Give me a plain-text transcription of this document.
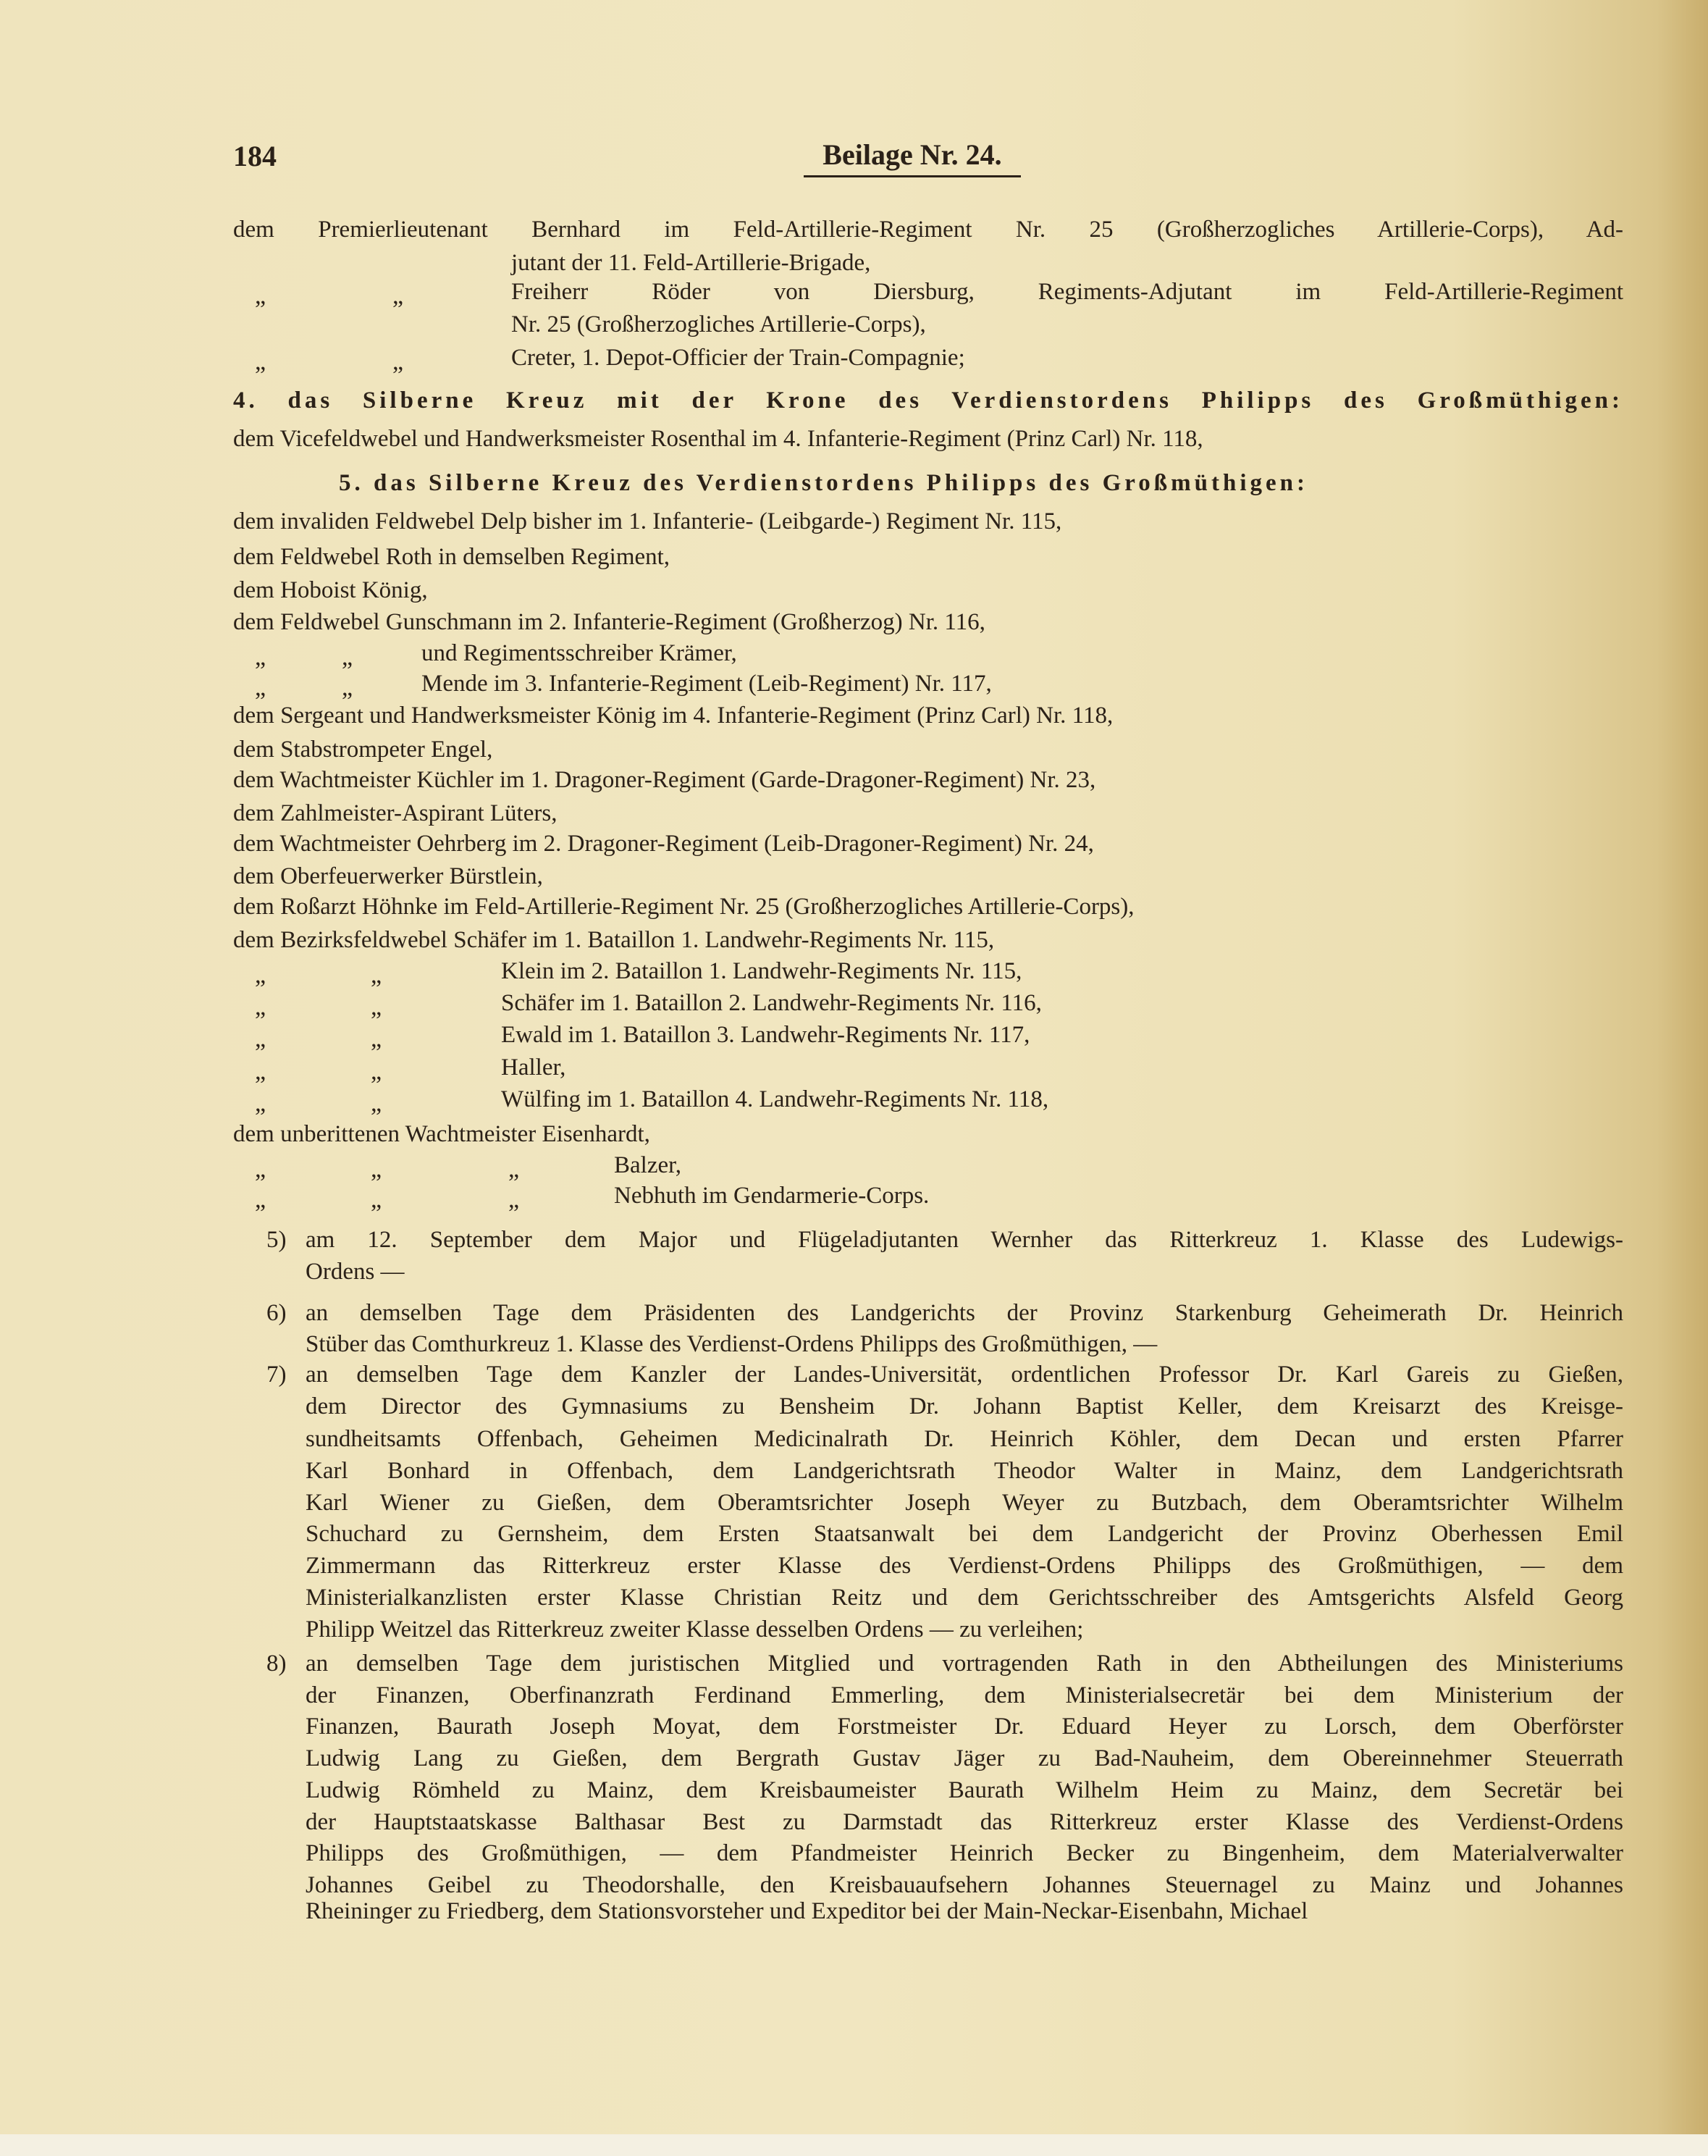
184	Beilage Nr. 24.
dem Premierlieutenant Bernhard im Feld-Artillerie-Regiment Nr. 25 (Großherzogliches Artillerie-Corps), Ad-
jutant der 11. Feld-Artillerie-Brigade,
„	„	Freiherr Röder von Diersburg, Regiments-Adjutant im Feld-Artillerie-Regiment
Nr. 25 (Großherzogliches Artillerie-Corps),
„	„	Creter, 1. Depot-Officier der Train-Compagnie;
4. das Silberne Kreuz mit der Krone des Verdienstordens Philipps des Großmüthigen:
dem Vicefeldwebel und Handwerksmeister Rosenthal im 4. Infanterie-Regiment (Prinz Carl) Nr. 118,
5. das Silberne Kreuz des Verdienstordens Philipps des Großmüthigen:
dem invaliden Feldwebel Delp bisher im 1. Infanterie- (Leibgarde-) Regiment Nr. 115,
dem Feldwebel Roth in demselben Regiment,
dem Hoboist König,
dem Feldwebel Gunschmann im 2. Infanterie-Regiment (Großherzog) Nr. 116,
„	„	und Regimentsschreiber Krämer,
„	„	Mende im 3. Infanterie-Regiment (Leib-Regiment) Nr. 117,
dem Sergeant und Handwerksmeister König im 4. Infanterie-Regiment (Prinz Carl) Nr. 118,
dem Stabstrompeter Engel,
dem Wachtmeister Küchler im 1. Dragoner-Regiment (Garde-Dragoner-Regiment) Nr. 23,
dem Zahlmeister-Aspirant Lüters,
dem Wachtmeister Oehrberg im 2. Dragoner-Regiment (Leib-Dragoner-Regiment) Nr. 24,
dem Oberfeuerwerker Bürstlein,
dem Roßarzt Höhnke im Feld-Artillerie-Regiment Nr. 25 (Großherzogliches Artillerie-Corps),
dem Bezirksfeldwebel Schäfer im 1. Bataillon 1. Landwehr-Regiments Nr. 115,
„	„	Klein im 2. Bataillon 1. Landwehr-Regiments Nr. 115,
„	„	Schäfer im 1. Bataillon 2. Landwehr-Regiments Nr. 116,
„	„	Ewald im 1. Bataillon 3. Landwehr-Regiments Nr. 117,
„	„	Haller,
„	„	Wülfing im 1. Bataillon 4. Landwehr-Regiments Nr. 118,
dem unberittenen Wachtmeister Eisenhardt,
„	„	„	Balzer,
„	„	„	Nebhuth im Gendarmerie-Corps.
5) am 12. September dem Major und Flügeladjutanten Wernher das Ritterkreuz 1. Klasse des Ludewigs-
Ordens —
6) an demselben Tage dem Präsidenten des Landgerichts der Provinz Starkenburg Geheimerath Dr. Heinrich
Stüber das Comthurkreuz 1. Klasse des Verdienst-Ordens Philipps des Großmüthigen, —
7) an demselben Tage dem Kanzler der Landes-Universität, ordentlichen Professor Dr. Karl Gareis zu Gießen,
dem Director des Gymnasiums zu Bensheim Dr. Johann Baptist Keller, dem Kreisarzt des Kreisge-
sundheitsamts Offenbach, Geheimen Medicinalrath Dr. Heinrich Köhler, dem Decan und ersten Pfarrer
Karl Bonhard in Offenbach, dem Landgerichtsrath Theodor Walter in Mainz, dem Landgerichtsrath
Karl Wiener zu Gießen, dem Oberamtsrichter Joseph Weyer zu Butzbach, dem Oberamtsrichter Wilhelm
Schuchard zu Gernsheim, dem Ersten Staatsanwalt bei dem Landgericht der Provinz Oberhessen Emil
Zimmermann das Ritterkreuz erster Klasse des Verdienst-Ordens Philipps des Großmüthigen, — dem
Ministerialkanzlisten erster Klasse Christian Reitz und dem Gerichtsschreiber des Amtsgerichts Alsfeld Georg
Philipp Weitzel das Ritterkreuz zweiter Klasse desselben Ordens — zu verleihen;
8) an demselben Tage dem juristischen Mitglied und vortragenden Rath in den Abtheilungen des Ministeriums
der Finanzen, Oberfinanzrath Ferdinand Emmerling, dem Ministerialsecretär bei dem Ministerium der
Finanzen, Baurath Joseph Moyat, dem Forstmeister Dr. Eduard Heyer zu Lorsch, dem Oberförster
Ludwig Lang zu Gießen, dem Bergrath Gustav Jäger zu Bad-Nauheim, dem Obereinnehmer Steuerrath
Ludwig Römheld zu Mainz, dem Kreisbaumeister Baurath Wilhelm Heim zu Mainz, dem Secretär bei
der Hauptstaatskasse Balthasar Best zu Darmstadt das Ritterkreuz erster Klasse des Verdienst-Ordens
Philipps des Großmüthigen, — dem Pfandmeister Heinrich Becker zu Bingenheim, dem Materialverwalter
Johannes Geibel zu Theodorshalle, den Kreisbauaufsehern Johannes Steuernagel zu Mainz und Johannes
Rheininger zu Friedberg, dem Stationsvorsteher und Expeditor bei der Main-Neckar-Eisenbahn, Michael
